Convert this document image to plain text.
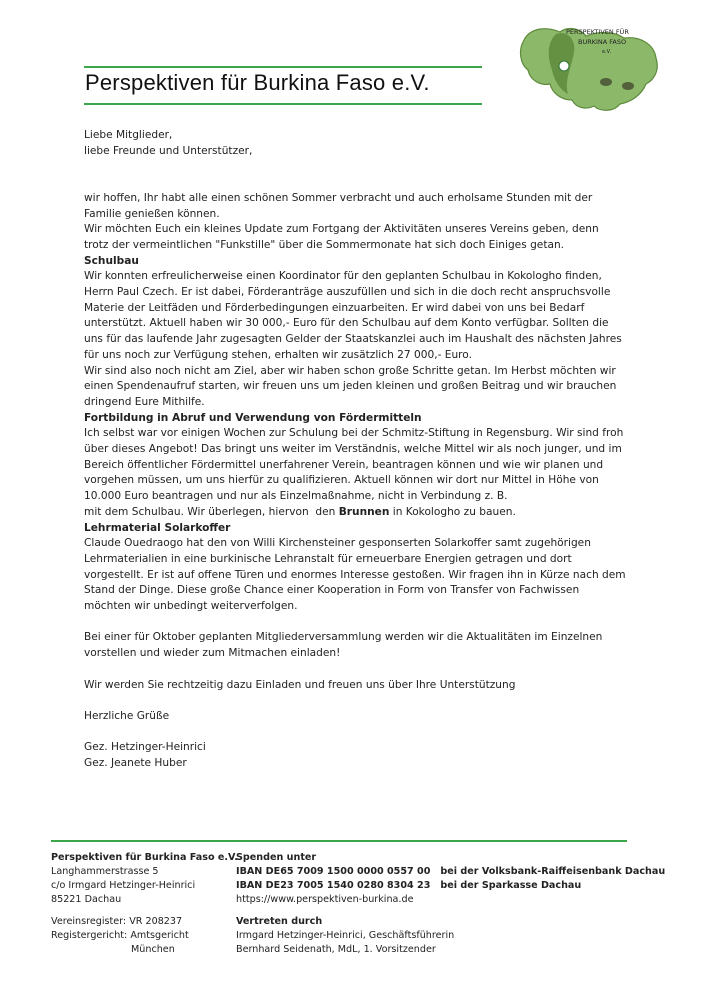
Perspektiven für Burkina Faso e.V.
PERSPEKTIVEN FÜR
BURKINA FASO
e.V.

Liebe Mitglieder,

liebe Freunde und Unterstützer,

wir hoffen, Ihr habt alle einen schönen Sommer verbracht und auch erholsame Stunden mit der

Familie genießen können.

Wir möchten Euch ein kleines Update zum Fortgang der Aktivitäten unseres Vereins geben, denn

trotz der vermeintlichen "Funkstille" über die Sommermonate hat sich doch Einiges getan.

Schulbau

Wir konnten erfreulicherweise einen Koordinator für den geplanten Schulbau in Kokologho finden,

Herrn Paul Czech. Er ist dabei, Förderanträge auszufüllen und sich in die doch recht anspruchsvolle

Materie der Leitfäden und Förderbedingungen einzuarbeiten. Er wird dabei von uns bei Bedarf

unterstützt. Aktuell haben wir 30 000,- Euro für den Schulbau auf dem Konto verfügbar. Sollten die

uns für das laufende Jahr zugesagten Gelder der Staatskanzlei auch im Haushalt des nächsten Jahres

für uns noch zur Verfügung stehen, erhalten wir zusätzlich 27 000,- Euro.

Wir sind also noch nicht am Ziel, aber wir haben schon große Schritte getan. Im Herbst möchten wir

einen Spendenaufruf starten, wir freuen uns um jeden kleinen und großen Beitrag und wir brauchen

dringend Eure Mithilfe.

Fortbildung in Abruf und Verwendung von Fördermitteln

Ich selbst war vor einigen Wochen zur Schulung bei der Schmitz-Stiftung in Regensburg. Wir sind froh

über dieses Angebot! Das bringt uns weiter im Verständnis, welche Mittel wir als noch junger, und im

Bereich öffentlicher Fördermittel unerfahrener Verein, beantragen können und wie wir planen und

vorgehen müssen, um uns hierfür zu qualifizieren. Aktuell können wir dort nur Mittel in Höhe von

10.000 Euro beantragen und nur als Einzelmaßnahme, nicht in Verbindung z. B.

mit dem Schulbau. Wir überlegen, hiervon  den Brunnen in Kokologho zu bauen.

Lehrmaterial Solarkoffer

Claude Ouedraogo hat den von Willi Kirchensteiner gesponserten Solarkoffer samt zugehörigen

Lehrmaterialien in eine burkinische Lehranstalt für erneuerbare Energien getragen und dort

vorgestellt. Er ist auf offene Türen und enormes Interesse gestoßen. Wir fragen ihn in Kürze nach dem

Stand der Dinge. Diese große Chance einer Kooperation in Form von Transfer von Fachwissen

möchten wir unbedingt weiterverfolgen.

Bei einer für Oktober geplanten Mitgliederversammlung werden wir die Aktualitäten im Einzelnen

vorstellen und wieder zum Mitmachen einladen!

Wir werden Sie rechtzeitig dazu Einladen und freuen uns über Ihre Unterstützung

Herzliche Grüße

Gez. Hetzinger-Heinrici

Gez. Jeanete Huber

Perspektiven für Burkina Faso e.V.

Langhammerstrasse 5

c/o Irmgard Hetzinger-Heinrici

85221 Dachau

Vereinsregister: VR 208237

Registergericht: Amtsgericht

München

Spenden unter

IBAN DE65 7009 1500 0000 0557 00   bei der Volksbank-Raiffeisenbank Dachau

IBAN DE23 7005 1540 0280 8304 23   bei der Sparkasse Dachau

https://www.perspektiven-burkina.de

Vertreten durch

Irmgard Hetzinger-Heinrici, Geschäftsführerin

Bernhard Seidenath, MdL, 1. Vorsitzender
